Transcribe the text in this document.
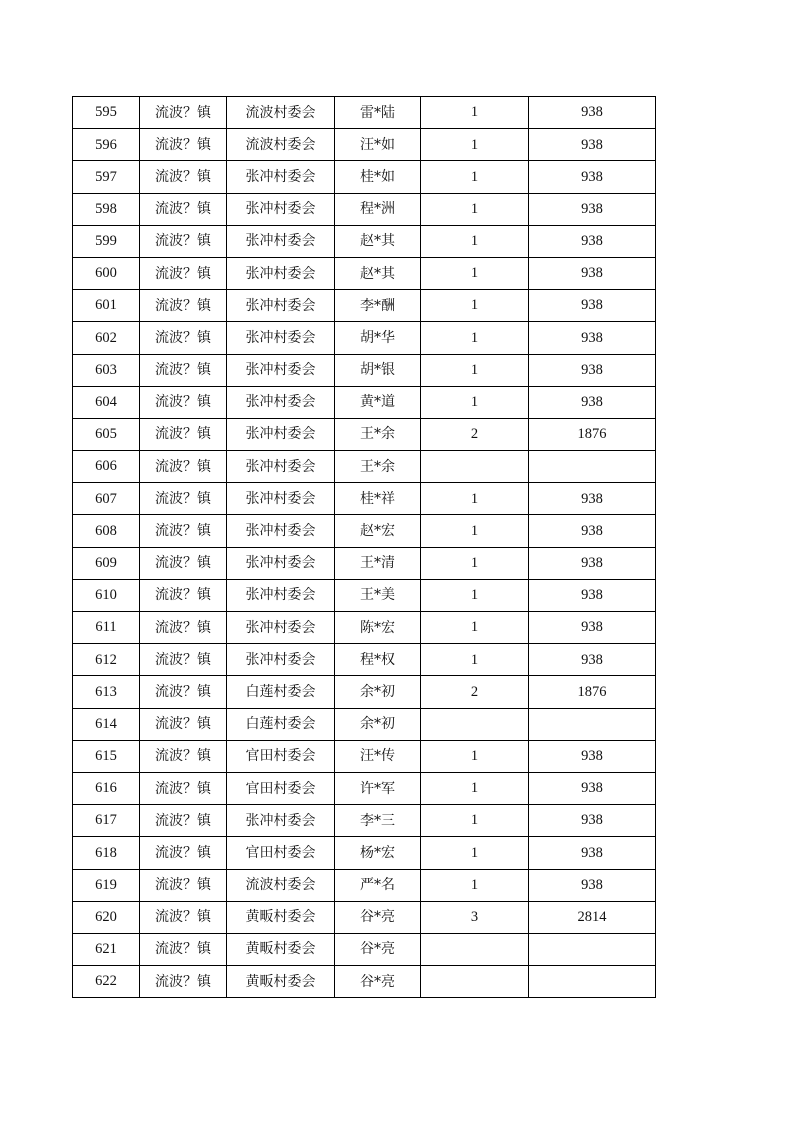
595	流波？镇	流波村委会	雷*陆	1	938
596	流波？镇	流波村委会	汪*如	1	938
597	流波？镇	张冲村委会	桂*如	1	938
598	流波？镇	张冲村委会	程*洲	1	938
599	流波？镇	张冲村委会	赵*其	1	938
600	流波？镇	张冲村委会	赵*其	1	938
601	流波？镇	张冲村委会	李*酬	1	938
602	流波？镇	张冲村委会	胡*华	1	938
603	流波？镇	张冲村委会	胡*银	1	938
604	流波？镇	张冲村委会	黄*道	1	938
605	流波？镇	张冲村委会	王*余	2	1876
606	流波？镇	张冲村委会	王*余		
607	流波？镇	张冲村委会	桂*祥	1	938
608	流波？镇	张冲村委会	赵*宏	1	938
609	流波？镇	张冲村委会	王*清	1	938
610	流波？镇	张冲村委会	王*美	1	938
611	流波？镇	张冲村委会	陈*宏	1	938
612	流波？镇	张冲村委会	程*权	1	938
613	流波？镇	白莲村委会	余*初	2	1876
614	流波？镇	白莲村委会	余*初		
615	流波？镇	官田村委会	汪*传	1	938
616	流波？镇	官田村委会	许*军	1	938
617	流波？镇	张冲村委会	李*三	1	938
618	流波？镇	官田村委会	杨*宏	1	938
619	流波？镇	流波村委会	严*名	1	938
620	流波？镇	黄畈村委会	谷*亮	3	2814
621	流波？镇	黄畈村委会	谷*亮		
622	流波？镇	黄畈村委会	谷*亮		
